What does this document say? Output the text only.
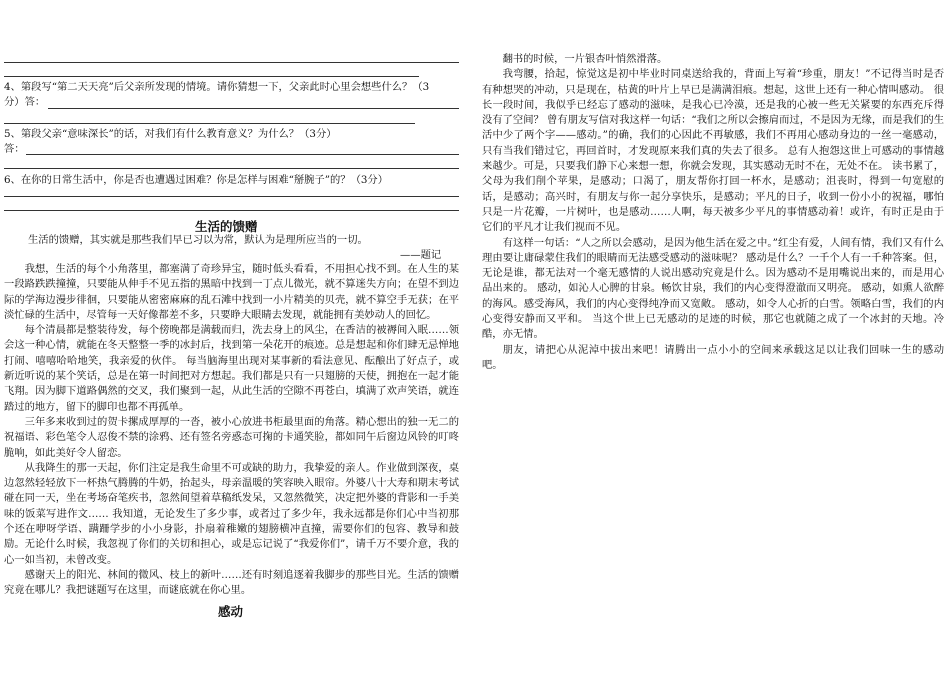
4、第段写“第二天天亮”后父亲所发现的情境。请你猜想一下，父亲此时心里会想些什么？（3
分）答：
5、第段父亲“意味深长”的话，对我们有什么教育意义？为什么？（3分）
答：
6、在你的日常生活中，你是否也遭遇过困难？你是怎样与困难“掰腕子”的？（3分）
生活的馈赠
生活的馈赠，其实就是那些我们早已习以为常，默认为是理所应当的一切。
——题记

我想，生活的每个小角落里，都塞满了奇珍异宝，随时低头看看，不用担心找不到。在人生的某一段路跌跌撞撞，只要能从伸手不见五指的黑暗中找到一丁点儿微光，就不算迷失方向；在望不到边际的学海边漫步徘徊，只要能从密密麻麻的乱石滩中找到一小片精美的贝壳，就不算空手无获；在平淡忙碌的生活中，尽管每一天好像都差不多，只要睁大眼睛去发现，就能拥有美妙动人的回忆。

每个清晨都是整装待发，每个傍晚都是满载而归，洗去身上的风尘，在香洁的被褥间入眠……领会这一种心情，就能在冬天整整一季的冰封后，找到第一朵花开的痕迹。总是想起和你们肆无忌惮地打闹、嘻嘻哈哈地笑，我亲爱的伙伴。 每当脑海里出现对某事新的看法意见、酝酿出了好点子，或新近听说的某个笑话，总是在第一时间把对方想起。我们都是只有一只翅膀的天使，拥抱在一起才能飞翔。因为脚下道路偶然的交叉，我们聚到一起，从此生活的空隙不再苍白，填满了欢声笑语，就连踏过的地方，留下的脚印也都不再孤单。

三年多来收到过的贺卡摞成厚厚的一沓，被小心放进书柜最里面的角落。精心想出的独一无二的祝福语、彩色笔令人忍俊不禁的涂鸦、还有签名旁惑态可掬的卡通笑脸，都如同午后窗边风铃的叮咚脆响，如此美好令人留恋。

从我降生的那一天起，你们注定是我生命里不可或缺的助力，我挚爱的亲人。作业做到深夜，桌边忽然轻轻放下一杯热气腾腾的牛奶，抬起头，母亲温暖的笑容映入眼帘。外婆八十大寿和期末考试碰在同一天，坐在考场奋笔疾书，忽然间望着草稿纸发呆，又忽然微笑，决定把外婆的背影和一手美味的饭菜写进作文…… 我知道，无论发生了多少事，或者过了多少年，我永远都是你们心中当初那个还在咿呀学语、蹒跚学步的小小身影，扑扇着稚嫩的翅膀横冲直撞，需要你们的包容、教导和鼓励。无论什么时候，我忽视了你们的关切和担心，或是忘记说了“我爱你们”，请千万不要介意，我的心一如当初，未曾改变。

感谢天上的阳光、林间的微风、枝上的新叶……还有时刻追逐着我脚步的那些目光。生活的馈赠究竟在哪儿？我把谜题写在这里，而谜底就在你心里。

感动

翻书的时候，一片银杏叶悄然滑落。

我弯腰，拾起，惊觉这是初中毕业时同桌送给我的，背面上写着“珍重，朋友！”不记得当时是否有种想哭的冲动，只是现在，枯黄的叶片上早已是满满泪痕。想起，这世上还有一种心情叫感动。 很长一段时间，我似乎已经忘了感动的滋味，是我心已冷漠，还是我的心被一些无关紧要的东西充斥得没有了空间？ 曾有朋友写信对我这样一句话：“我们之所以会擦肩而过，不是因为无缘，而是我们的生活中少了两个字——感动。”的确，我们的心因此不再敏感，我们不再用心感动身边的一丝一毫感动，只有当我们错过它，再回首时，才发现原来我们真的失去了很多。 总有人抱怨这世上可感动的事情越来越少。可是，只要我们静下心来想一想，你就会发现，其实感动无时不在，无处不在。 读书累了，父母为我们削个苹果，是感动；口渴了，朋友帮你打回一杯水，是感动；沮丧时，得到一句宽慰的话，是感动；高兴时，有朋友与你一起分享快乐，是感动；平凡的日子，收到一份小小的祝福，哪怕只是一片花瓣，一片树叶，也是感动……人啊，每天被多少平凡的事情感动着！或许，有时正是由于它们的平凡才让我们视而不见。

有这样一句话：“人之所以会感动，是因为他生活在爱之中。”红尘有爱，人间有情，我们又有什么理由要让庸碌蒙住我们的眼睛而无法感受感动的滋味呢？ 感动是什么？一千个人有一千种答案。但，无论是谁，都无法对一个毫无感情的人说出感动究竟是什么。因为感动不是用嘴说出来的，而是用心品出来的。 感动，如沁人心脾的甘泉。畅饮甘泉，我们的内心变得澄澈而又明亮。 感动，如熏人欲醉的海风。感受海风，我们的内心变得纯净而又宽敞。 感动，如令人心折的白雪。领略白雪，我们的内心变得安静而又平和。 当这个世上已无感动的足迹的时候，那它也就随之成了一个冰封的天地。冷酷，亦无情。

朋友，请把心从泥淖中拔出来吧！请腾出一点小小的空间来承载这足以让我们回味一生的感动吧。
